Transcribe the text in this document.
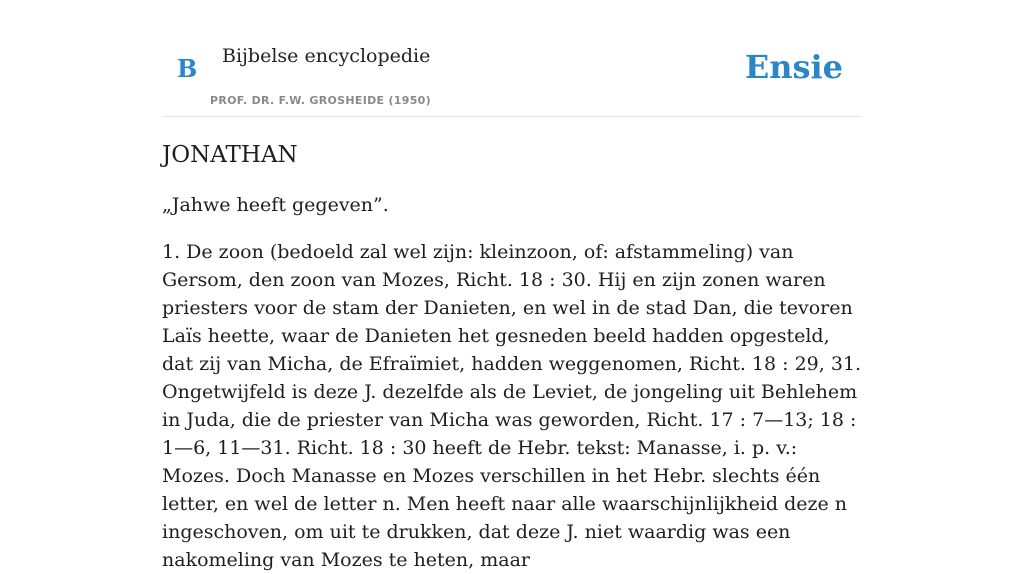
B Bijbelse encyclopedie
PROF. DR. F.W. GROSHEIDE (1950)
Ensie
JONATHAN

„Jahwe heeft gegeven”.

1. De zoon (bedoeld zal wel zijn: kleinzoon, of: afstammeling) van Gersom, den zoon van Mozes, Richt. 18 : 30. Hij en zijn zonen waren priesters voor de stam der Danieten, en wel in de stad Dan, die tevoren Laïs heette, waar de Danieten het gesneden beeld hadden opgesteld, dat zij van Micha, de Efraïmiet, hadden weggenomen, Richt. 18 : 29, 31. Ongetwijfeld is deze J. dezelfde als de Leviet, de jongeling uit Behlehem in Juda, die de priester van Micha was geworden, Richt. 17 : 7—13; 18 : 1—6, 11—31. Richt. 18 : 30 heeft de Hebr. tekst: Manasse, i. p. v.: Mozes. Doch Manasse en Mozes verschillen in het Hebr. slechts één letter, en wel de letter n. Men heeft naar alle waarschijnlijkheid deze n ingeschoven, om uit te drukken, dat deze J. niet waardig was een nakomeling van Mozes te heten, maar
